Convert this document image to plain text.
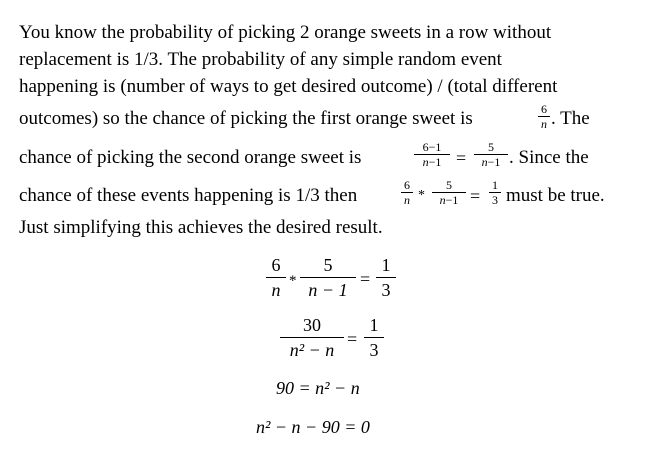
You know the probability of picking 2 orange sweets in a row without
replacement is 1/3. The probability of any simple random event
happening is (number of ways to get desired outcome) / (total different
outcomes) so the chance of picking the first orange sweet is	6
n . The
chance of picking the second orange sweet is	6−1
n−1 =
5
n−1 . Since the
chance of these events happening is 1/3 then	6
n *
5
n−1 =
1
3 must be true.
Just simplifying this achieves the desired result.
6
n *
5
n − 1
=
1
3
30
n² − n
=
1
3
90 = n² − n
n² − n − 90 = 0
